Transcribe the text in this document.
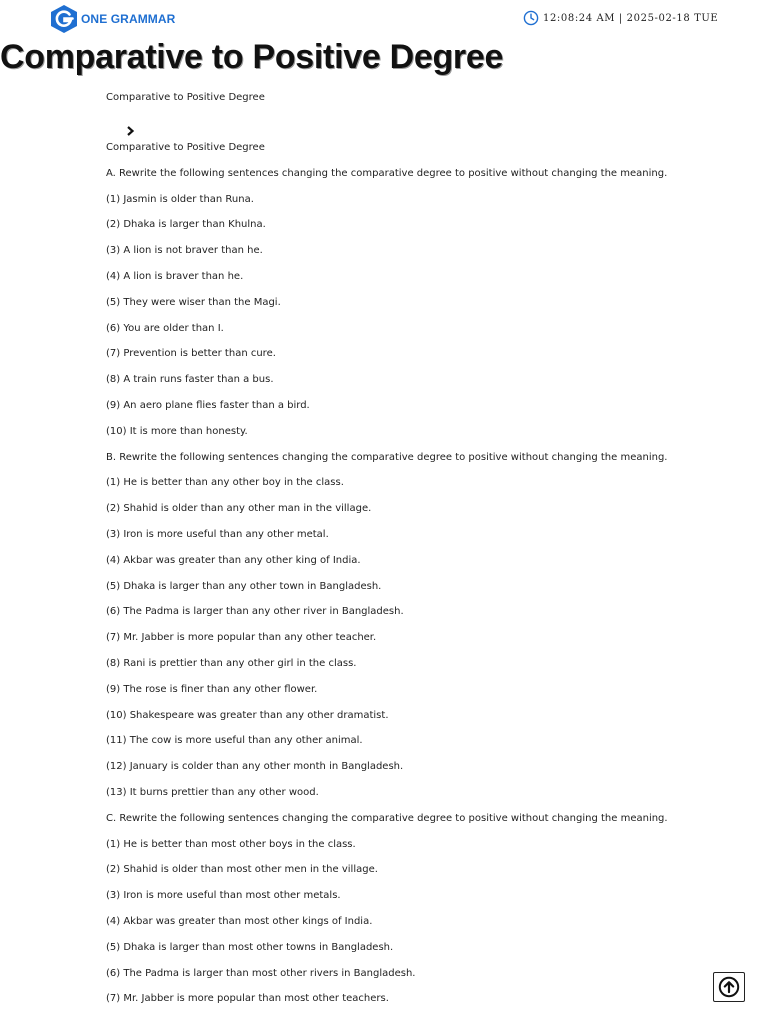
ONE GRAMMAR	12:08:24 AM | 2025-02-18 TUE
Comparative to Positive Degree
Comparative to Positive Degree

Comparative to Positive Degree

A. Rewrite the following sentences changing the comparative degree to positive without changing the meaning.

(1) Jasmin is older than Runa.

(2) Dhaka is larger than Khulna.

(3) A lion is not braver than he.

(4) A lion is braver than he.

(5) They were wiser than the Magi.

(6) You are older than I.

(7) Prevention is better than cure.

(8) A train runs faster than a bus.

(9) An aero plane flies faster than a bird.

(10) It is more than honesty.

B. Rewrite the following sentences changing the comparative degree to positive without changing the meaning.

(1) He is better than any other boy in the class.

(2) Shahid is older than any other man in the village.

(3) Iron is more useful than any other metal.

(4) Akbar was greater than any other king of India.

(5) Dhaka is larger than any other town in Bangladesh.

(6) The Padma is larger than any other river in Bangladesh.

(7) Mr. Jabber is more popular than any other teacher.

(8) Rani is prettier than any other girl in the class.

(9) The rose is finer than any other flower.

(10) Shakespeare was greater than any other dramatist.

(11) The cow is more useful than any other animal.

(12) January is colder than any other month in Bangladesh.

(13) It burns prettier than any other wood.

C. Rewrite the following sentences changing the comparative degree to positive without changing the meaning.

(1) He is better than most other boys in the class.

(2) Shahid is older than most other men in the village.

(3) Iron is more useful than most other metals.

(4) Akbar was greater than most other kings of India.

(5) Dhaka is larger than most other towns in Bangladesh.

(6) The Padma is larger than most other rivers in Bangladesh.

(7) Mr. Jabber is more popular than most other teachers.
